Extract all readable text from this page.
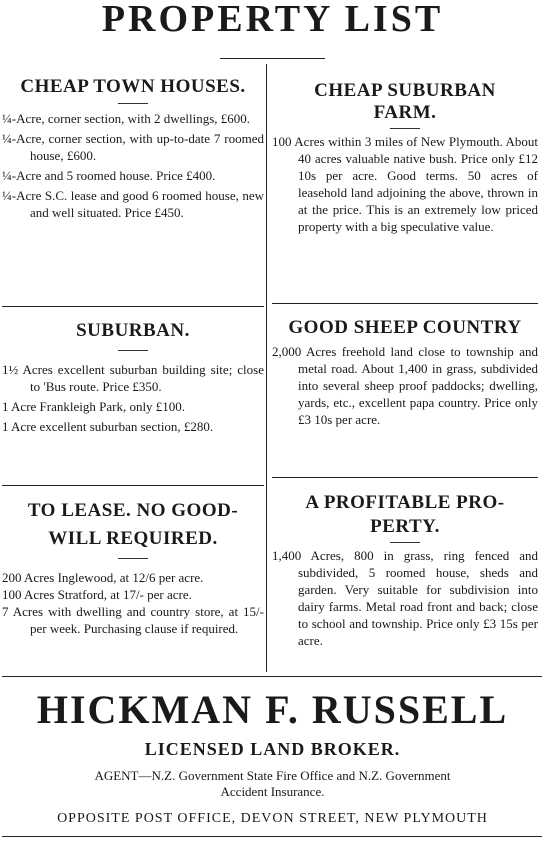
PROPERTY LIST
CHEAP TOWN HOUSES.
¼-Acre, corner section, with 2 dwellings, £600.
¼-Acre, corner section, with up-to-date 7 roomed house, £600.
¼-Acre and 5 roomed house. Price £400.
¼-Acre S.C. lease and good 6 roomed house, new and well situated. Price £450.
SUBURBAN.
1½ Acres excellent suburban building site; close to 'Bus route. Price £350.
1 Acre Frankleigh Park, only £100.
1 Acre excellent suburban section, £280.
TO LEASE. NO GOOD-
WILL REQUIRED.
200 Acres Inglewood, at 12/6 per acre.
100 Acres Stratford, at 17/- per acre.
7 Acres with dwelling and country store, at 15/- per week. Purchasing clause if required.
CHEAP SUBURBAN
FARM.
100 Acres within 3 miles of New Plymouth. About 40 acres valuable native bush. Price only £12 10s per acre. Good terms. 50 acres of leasehold land adjoining the above, thrown in at the price. This is an extremely low priced property with a big speculative value.
GOOD SHEEP COUNTRY
2,000 Acres freehold land close to township and metal road. About 1,400 in grass, subdivided into several sheep proof paddocks; dwelling, yards, etc., excellent papa country. Price only £3 10s per acre.
A PROFITABLE PRO-
PERTY.
1,400 Acres, 800 in grass, ring fenced and subdivided, 5 roomed house, sheds and garden. Very suitable for subdivision into dairy farms. Metal road front and back; close to school and township. Price only £3 15s per acre.
HICKMAN F. RUSSELL
LICENSED LAND BROKER.
AGENT—N.Z. Government State Fire Office and N.Z. Government
Accident Insurance.
OPPOSITE POST OFFICE, DEVON STREET, NEW PLYMOUTH
